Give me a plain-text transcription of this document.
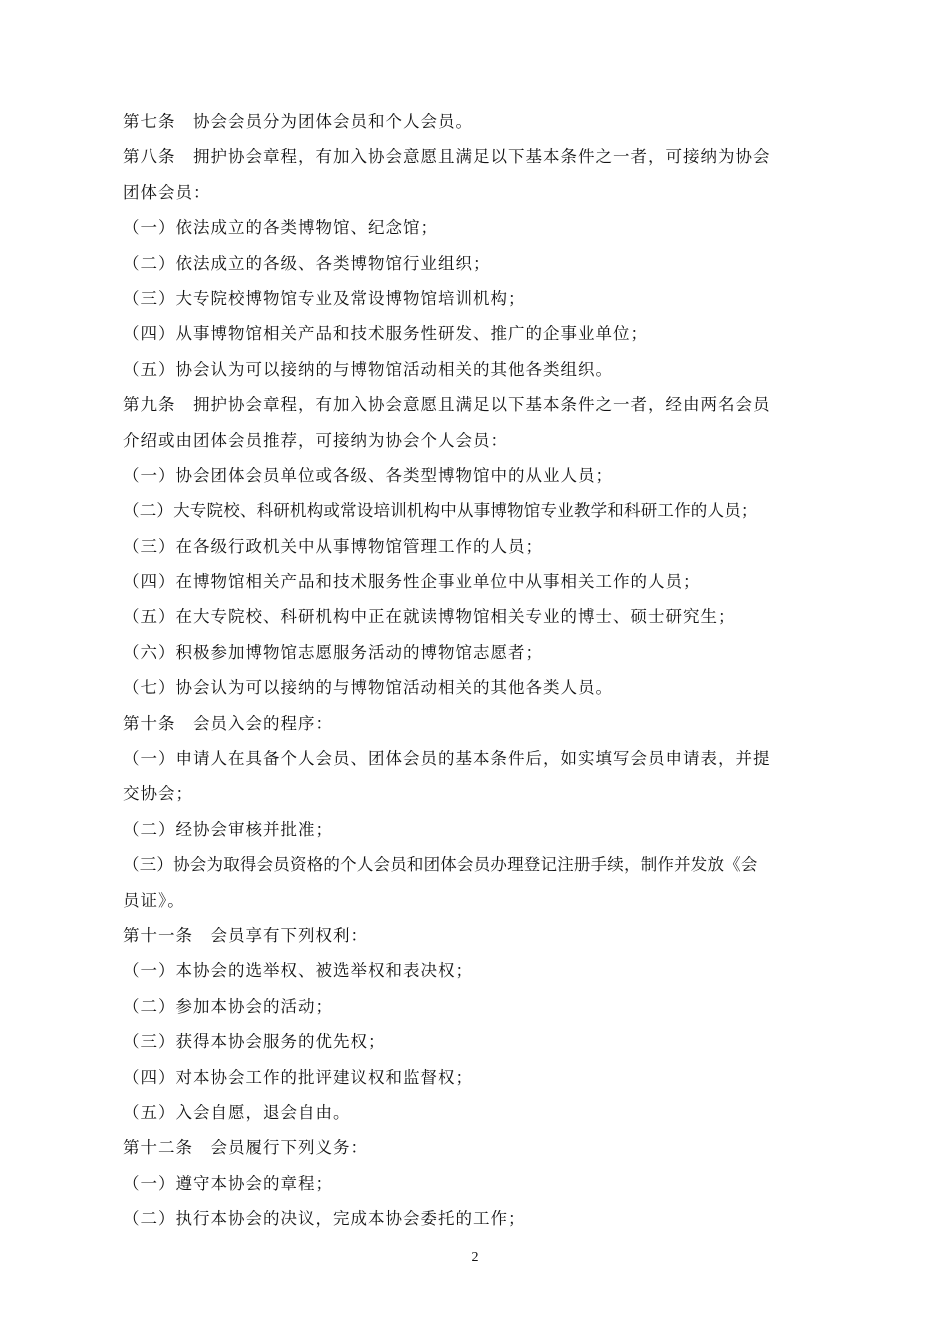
第七条　协会会员分为团体会员和个人会员。
第八条　拥护协会章程，有加入协会意愿且满足以下基本条件之一者，可接纳为协会
团体会员：
（一）依法成立的各类博物馆、纪念馆；
（二）依法成立的各级、各类博物馆行业组织；
（三）大专院校博物馆专业及常设博物馆培训机构；
（四）从事博物馆相关产品和技术服务性研发、推广的企事业单位；
（五）协会认为可以接纳的与博物馆活动相关的其他各类组织。
第九条　拥护协会章程，有加入协会意愿且满足以下基本条件之一者，经由两名会员
介绍或由团体会员推荐，可接纳为协会个人会员：
（一）协会团体会员单位或各级、各类型博物馆中的从业人员；
（二）大专院校、科研机构或常设培训机构中从事博物馆专业教学和科研工作的人员；
（三）在各级行政机关中从事博物馆管理工作的人员；
（四）在博物馆相关产品和技术服务性企事业单位中从事相关工作的人员；
（五）在大专院校、科研机构中正在就读博物馆相关专业的博士、硕士研究生；
（六）积极参加博物馆志愿服务活动的博物馆志愿者；
（七）协会认为可以接纳的与博物馆活动相关的其他各类人员。
第十条　会员入会的程序：
（一）申请人在具备个人会员、团体会员的基本条件后，如实填写会员申请表，并提
交协会；
（二）经协会审核并批准；
（三）协会为取得会员资格的个人会员和团体会员办理登记注册手续，制作并发放《会
员证》。
第十一条　会员享有下列权利：
（一）本协会的选举权、被选举权和表决权；
（二）参加本协会的活动；
（三）获得本协会服务的优先权；
（四）对本协会工作的批评建议权和监督权；
（五）入会自愿，退会自由。
第十二条　会员履行下列义务：
（一）遵守本协会的章程；
（二）执行本协会的决议，完成本协会委托的工作；
2
